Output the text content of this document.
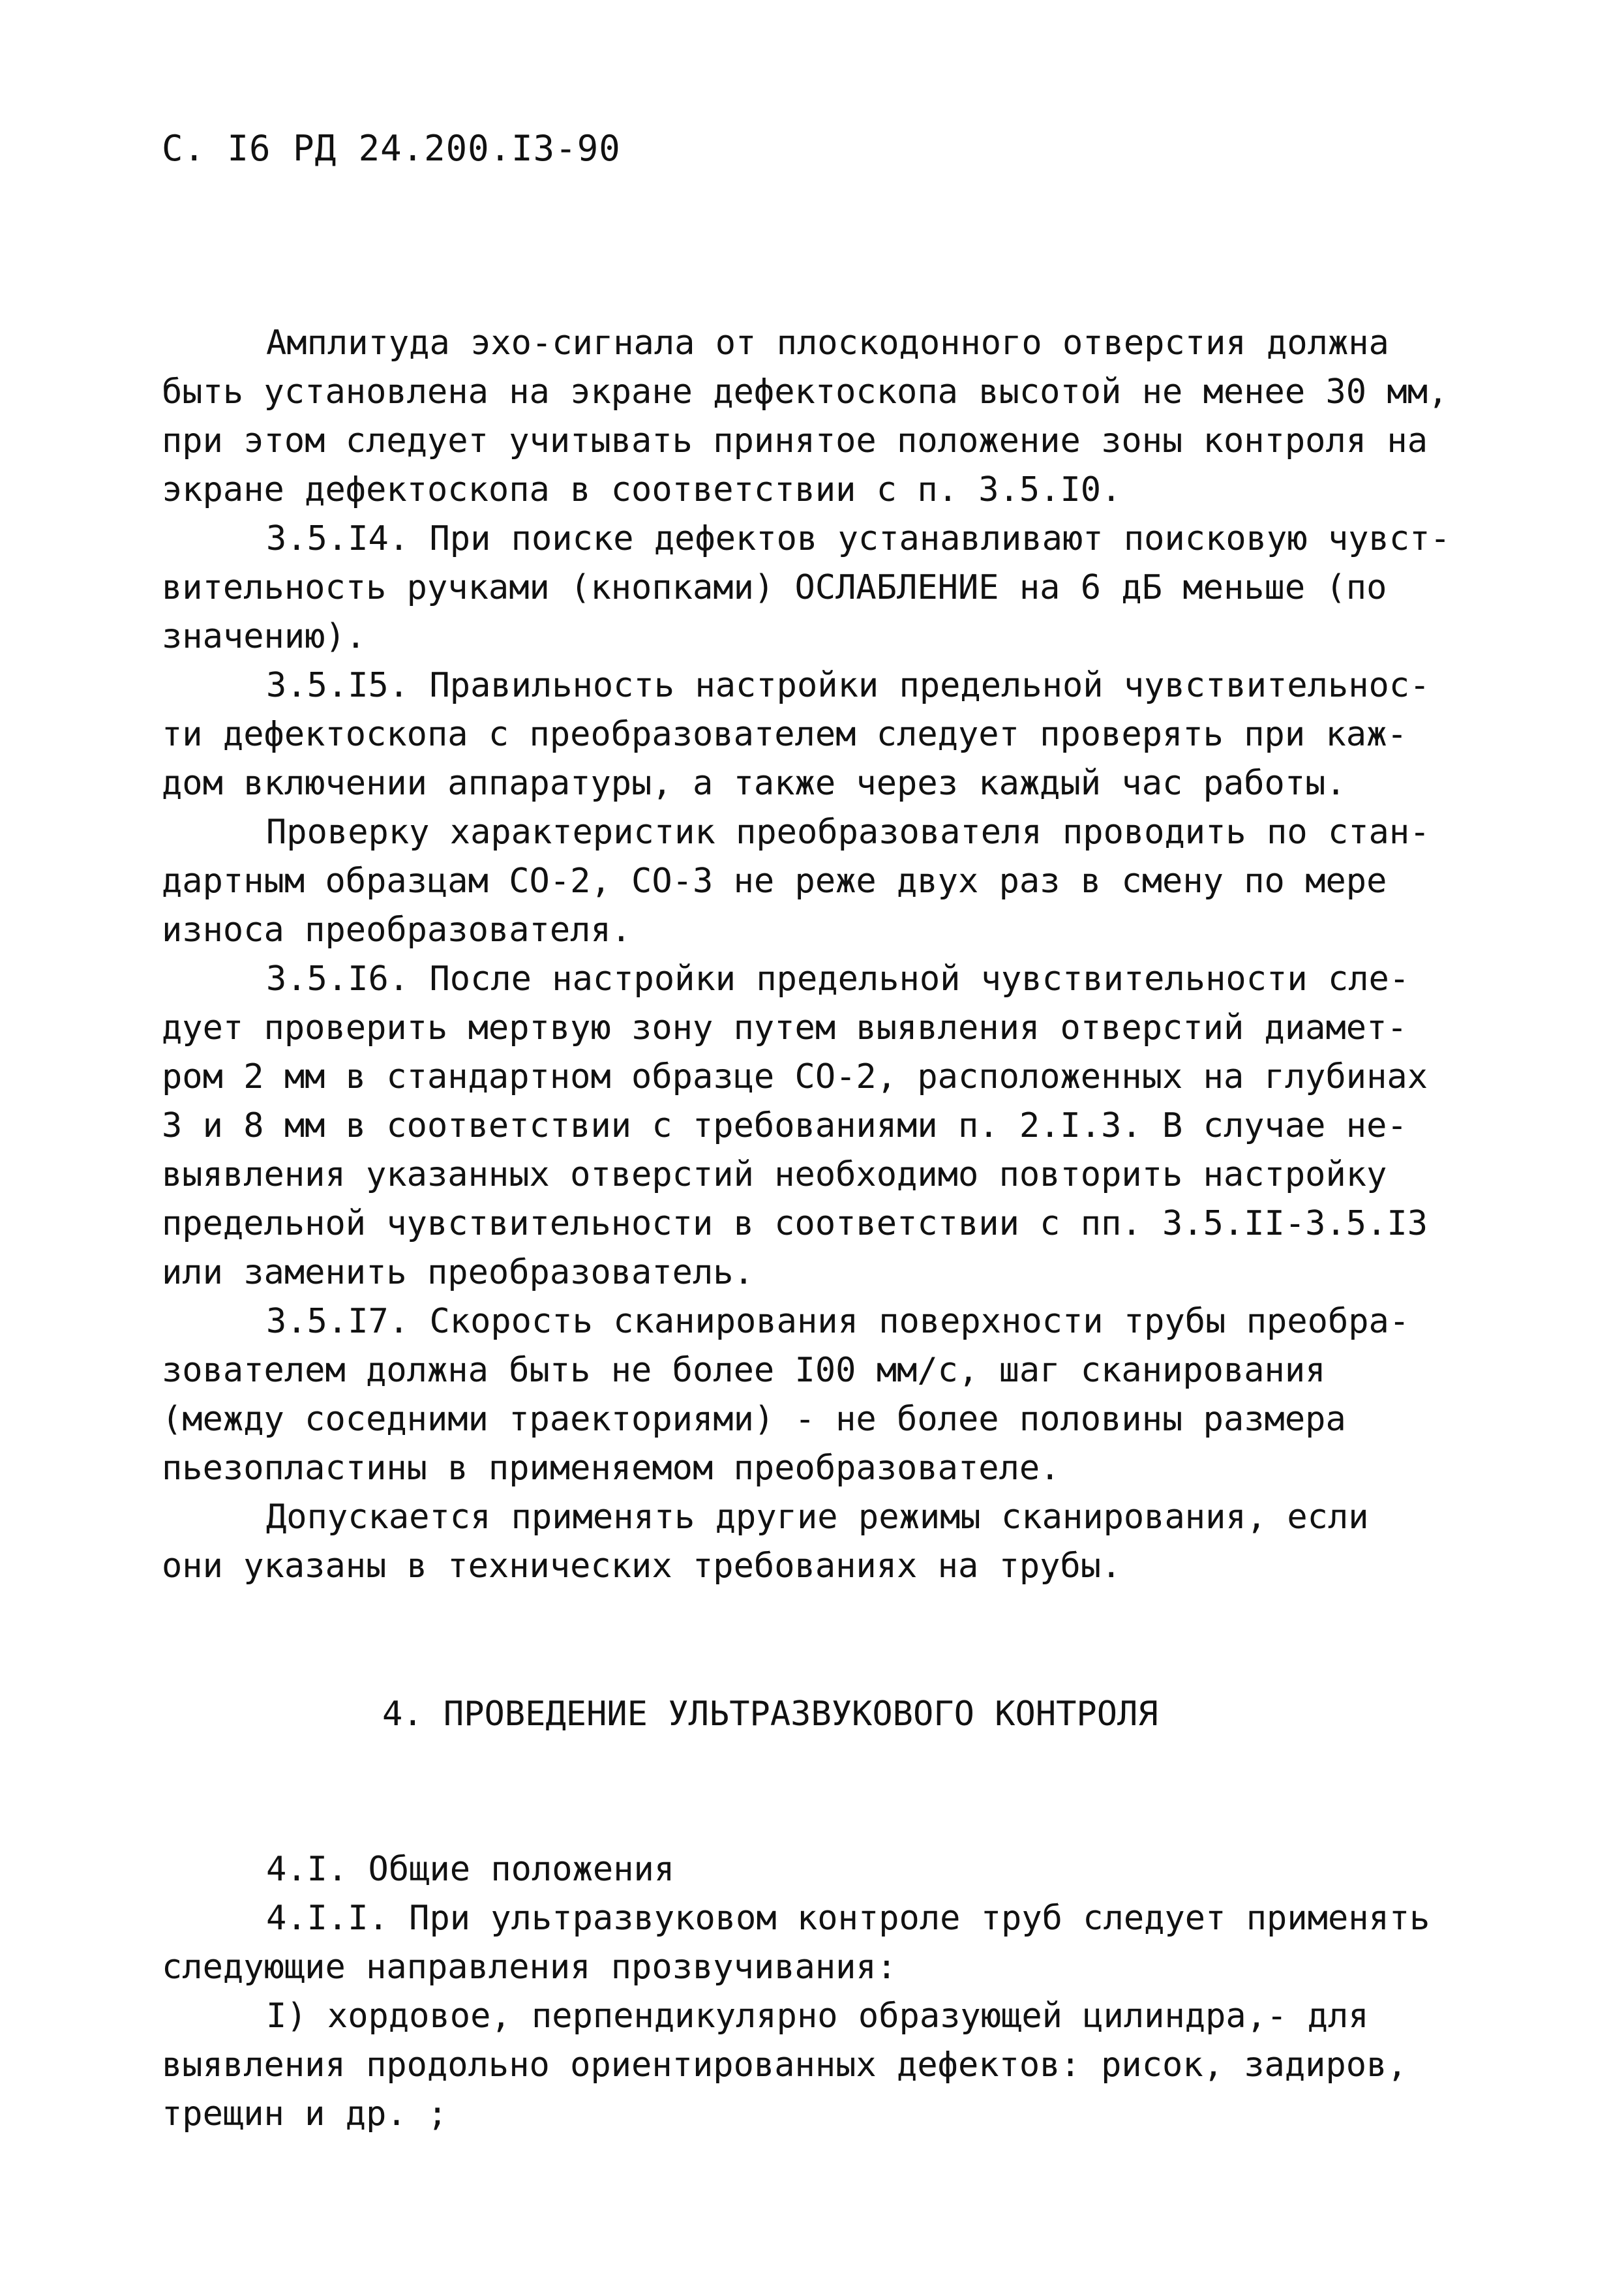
С. I6 РД 24.200.I3-90
Амплитуда эхо-сигнала от плоскодонного отверстия должна
быть установлена на экране дефектоскопа высотой не менее 30 мм,
при этом следует учитывать принятое положение зоны контроля на
экране дефектоскопа в соответствии с п. 3.5.I0.
3.5.I4. При поиске дефектов устанавливают поисковую чувст-
вительность ручками (кнопками) ОСЛАБЛЕНИЕ на 6 дБ меньше (по
значению).
3.5.I5. Правильность настройки предельной чувствительнос-
ти дефектоскопа с преобразователем следует проверять при каж-
дом включении аппаратуры, а также через каждый час работы.
Проверку характеристик преобразователя проводить по стан-
дартным образцам СО-2, СО-3 не реже двух раз в смену по мере
износа преобразователя.
3.5.I6. После настройки предельной чувствительности сле-
дует проверить мертвую зону путем выявления отверстий диамет-
ром 2 мм в стандартном образце СО-2, расположенных на глубинах
3 и 8 мм в соответствии с требованиями п. 2.I.3. В случае не-
выявления указанных отверстий необходимо повторить настройку
предельной чувствительности в соответствии с пп. 3.5.II-3.5.I3
или заменить преобразователь.
3.5.I7. Скорость сканирования поверхности трубы преобра-
зователем должна быть не более I00 мм/с, шаг сканирования
(между соседними траекториями) - не более половины размера
пьезопластины в применяемом преобразователе.
Допускается применять другие режимы сканирования, если
они указаны в технических требованиях на трубы.
4. ПРОВЕДЕНИЕ УЛЬТРАЗВУКОВОГО КОНТРОЛЯ
4.I. Общие положения
4.I.I. При ультразвуковом контроле труб следует применять
следующие направления прозвучивания:
I) хордовое, перпендикулярно образующей цилиндра,- для
выявления продольно ориентированных дефектов: рисок, задиров,
трещин и др. ;
